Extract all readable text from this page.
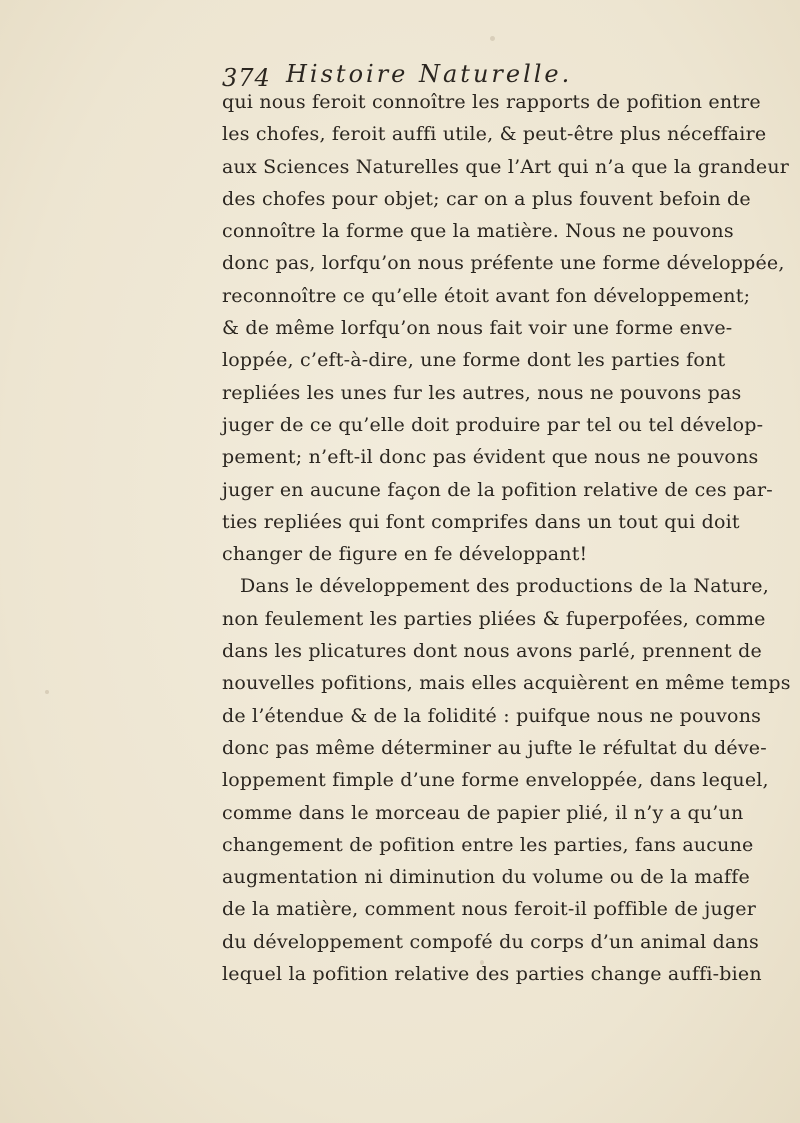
374 Histoire Naturelle.
qui nous feroit connoître les rapports de pofition entre
les chofes, feroit auffi utile, & peut-être plus néceffaire
aux Sciences Naturelles que l’Art qui n’a que la grandeur
des chofes pour objet; car on a plus fouvent befoin de
connoître la forme que la matière. Nous ne pouvons
donc pas, lorfqu’on nous préfente une forme développée,
reconnoître ce qu’elle étoit avant fon développement;
& de même lorfqu’on nous fait voir une forme enve-
loppée, c’eft-à-dire, une forme dont les parties font
repliées les unes fur les autres, nous ne pouvons pas
juger de ce qu’elle doit produire par tel ou tel dévelop-
pement; n’eft-il donc pas évident que nous ne pouvons
juger en aucune façon de la pofition relative de ces par-
ties repliées qui font comprifes dans un tout qui doit
changer de figure en fe développant!
Dans le développement des productions de la Nature,
non feulement les parties pliées & fuperpofées, comme
dans les plicatures dont nous avons parlé, prennent de
nouvelles pofitions, mais elles acquièrent en même temps
de l’étendue & de la folidité : puifque nous ne pouvons
donc pas même déterminer au jufte le réfultat du déve-
loppement fimple d’une forme enveloppée, dans lequel,
comme dans le morceau de papier plié, il n’y a qu’un
changement de pofition entre les parties, fans aucune
augmentation ni diminution du volume ou de la maffe
de la matière, comment nous feroit-il poffible de juger
du développement compofé du corps d’un animal dans
lequel la pofition relative des parties change auffi-bien
